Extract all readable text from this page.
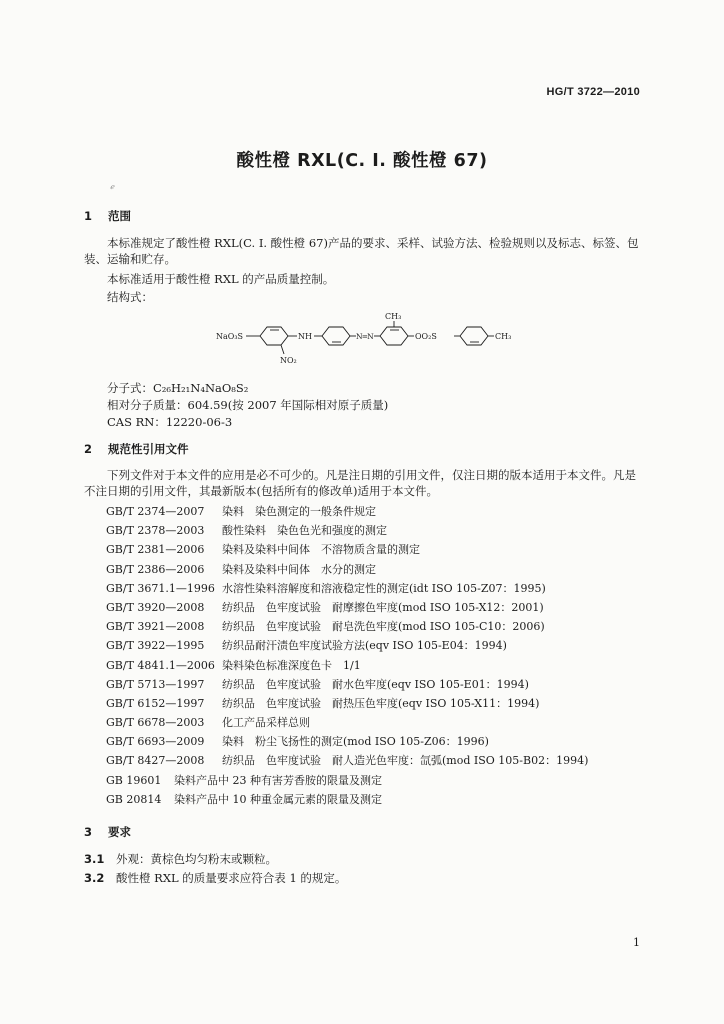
HG/T 3722—2010
酸性橙 RXL(C. I. 酸性橙 67)
ℯ
1 范围
本标准规定了酸性橙 RXL(C. I. 酸性橙 67)产品的要求、采样、试验方法、检验规则以及标志、标签、包装、运输和贮存。
本标准适用于酸性橙 RXL 的产品质量控制。
结构式：
NaO₃S	NH
NO₂
N═N
CH₃
OO₂S	CH₃
分子式：C₂₆H₂₁N₄NaO₈S₂
相对分子质量：604.59(按 2007 年国际相对原子质量)
CAS RN：12220-06-3
2 规范性引用文件
下列文件对于本文件的应用是必不可少的。凡是注日期的引用文件，仅注日期的版本适用于本文件。凡是不注日期的引用文件，其最新版本(包括所有的修改单)适用于本文件。
GB/T 2374—2007 染料　染色测定的一般条件规定
GB/T 2378—2003 酸性染料　染色色光和强度的测定
GB/T 2381—2006 染料及染料中间体　不溶物质含量的测定
GB/T 2386—2006 染料及染料中间体　水分的测定
GB/T 3671.1—1996 水溶性染料溶解度和溶液稳定性的测定(idt ISO 105-Z07：1995)
GB/T 3920—2008 纺织品　色牢度试验　耐摩擦色牢度(mod ISO 105-X12：2001)
GB/T 3921—2008 纺织品　色牢度试验　耐皂洗色牢度(mod ISO 105-C10：2006)
GB/T 3922—1995 纺织品耐汗渍色牢度试验方法(eqv ISO 105-E04：1994)
GB/T 4841.1—2006 染料染色标准深度色卡　1/1
GB/T 5713—1997 纺织品　色牢度试验　耐水色牢度(eqv ISO 105-E01：1994)
GB/T 6152—1997 纺织品　色牢度试验　耐热压色牢度(eqv ISO 105-X11：1994)
GB/T 6678—2003 化工产品采样总则
GB/T 6693—2009 染料　粉尘飞扬性的测定(mod ISO 105-Z06：1996)
GB/T 8427—2008 纺织品　色牢度试验　耐人造光色牢度：氙弧(mod ISO 105-B02：1994)
GB 19601 染料产品中 23 种有害芳香胺的限量及测定
GB 20814 染料产品中 10 种重金属元素的限量及测定
3 要求
3.1 外观：黄棕色均匀粉末或颗粒。
3.2 酸性橙 RXL 的质量要求应符合表 1 的规定。
1
